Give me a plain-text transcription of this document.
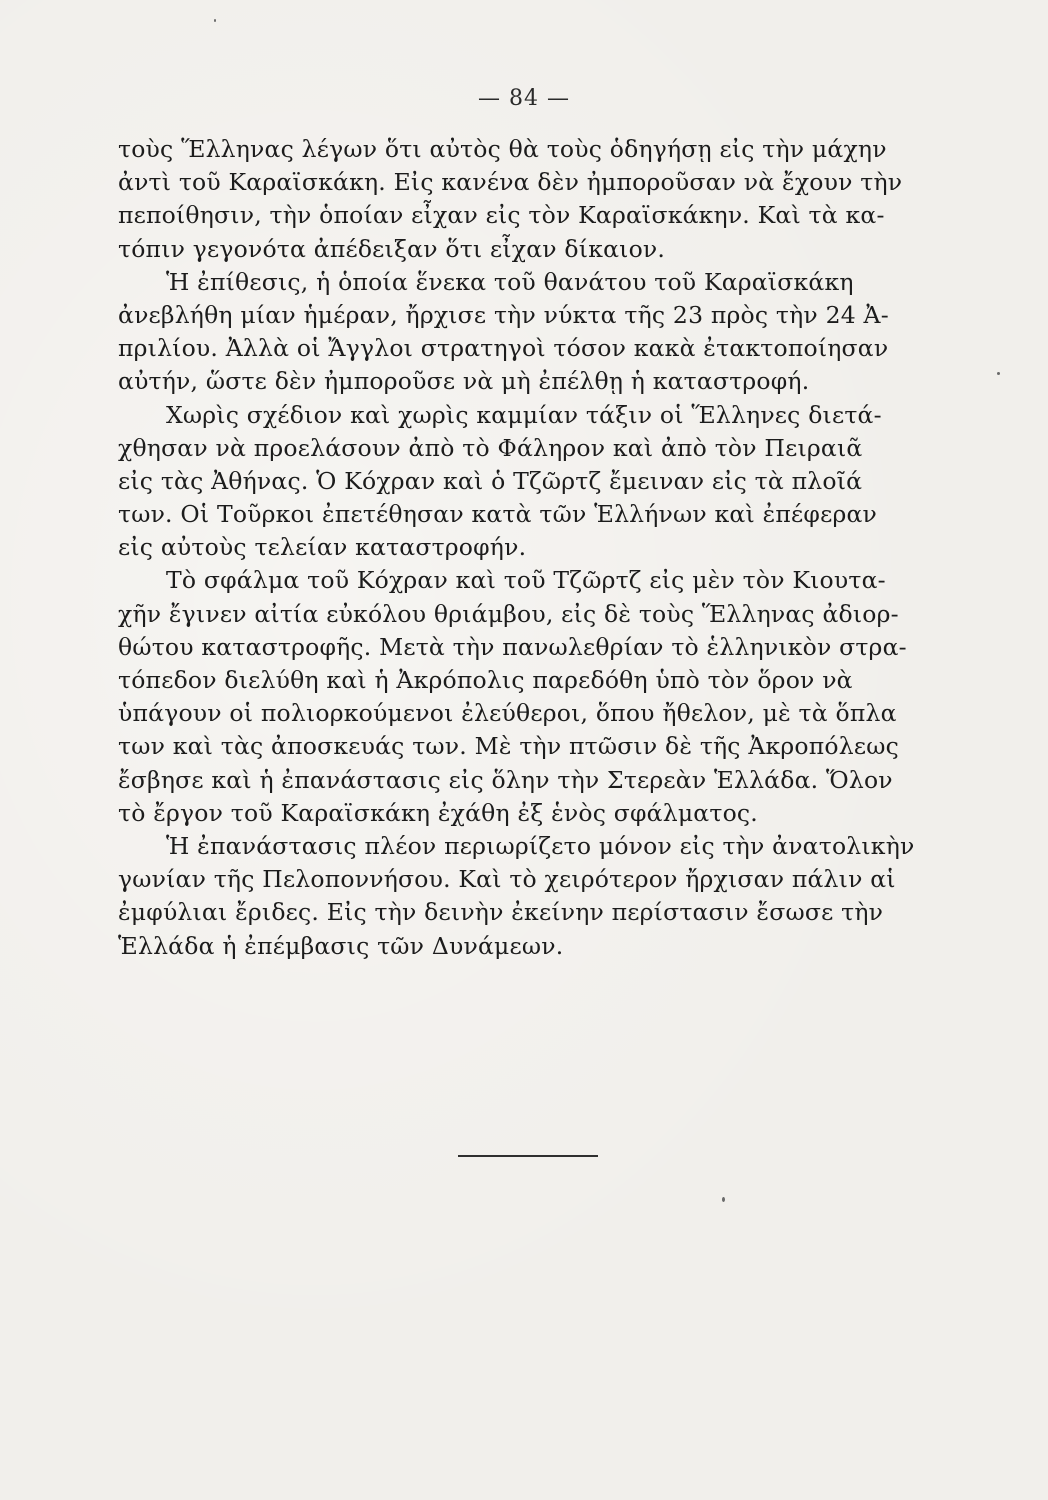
— 84 —
τοὺς Ἕλληνας λέγων ὅτι αὐτὸς θὰ τοὺς ὁδηγήσῃ εἰς τὴν μάχην
ἀντὶ τοῦ Καραϊσκάκη. Εἰς κανένα δὲν ἠμποροῦσαν νὰ ἔχουν τὴν
πεποίθησιν, τὴν ὁποίαν εἶχαν εἰς τὸν Καραϊσκάκην. Καὶ τὰ κα-
τόπιν γεγονότα ἀπέδειξαν ὅτι εἶχαν δίκαιον.
Ἡ ἐπίθεσις, ἡ ὁποία ἕνεκα τοῦ θανάτου τοῦ Καραϊσκάκη
ἀνεβλήθη μίαν ἡμέραν, ἤρχισε τὴν νύκτα τῆς 23 πρὸς τὴν 24 Ἀ-
πριλίου. Ἀλλὰ οἱ Ἄγγλοι στρατηγοὶ τόσον κακὰ ἐτακτοποίησαν
αὐτήν, ὥστε δὲν ἠμποροῦσε νὰ μὴ ἐπέλθῃ ἡ καταστροφή.
Χωρὶς σχέδιον καὶ χωρὶς καμμίαν τάξιν οἱ Ἕλληνες διετά-
χθησαν νὰ προελάσουν ἀπὸ τὸ Φάληρον καὶ ἀπὸ τὸν Πειραιᾶ
εἰς τὰς Ἀθήνας. Ὁ Κόχραν καὶ ὁ Τζῶρτζ ἔμειναν εἰς τὰ πλοῖά
των. Οἱ Τοῦρκοι ἐπετέθησαν κατὰ τῶν Ἑλλήνων καὶ ἐπέφεραν
εἰς αὐτοὺς τελείαν καταστροφήν.
Τὸ σφάλμα τοῦ Κόχραν καὶ τοῦ Τζῶρτζ εἰς μὲν τὸν Κιουτα-
χῆν ἔγινεν αἰτία εὐκόλου θριάμβου, εἰς δὲ τοὺς Ἕλληνας ἀδιορ-
θώτου καταστροφῆς. Μετὰ τὴν πανωλεθρίαν τὸ ἑλληνικὸν στρα-
τόπεδον διελύθη καὶ ἡ Ἀκρόπολις παρεδόθη ὑπὸ τὸν ὅρον νὰ
ὑπάγουν οἱ πολιορκούμενοι ἐλεύθεροι, ὅπου ἤθελον, μὲ τὰ ὅπλα
των καὶ τὰς ἀποσκευάς των. Μὲ τὴν πτῶσιν δὲ τῆς Ἀκροπόλεως
ἔσβησε καὶ ἡ ἐπανάστασις εἰς ὅλην τὴν Στερεὰν Ἑλλάδα. Ὅλον
τὸ ἔργον τοῦ Καραϊσκάκη ἐχάθη ἐξ ἑνὸς σφάλματος.
Ἡ ἐπανάστασις πλέον περιωρίζετο μόνον εἰς τὴν ἀνατολικὴν
γωνίαν τῆς Πελοποννήσου. Καὶ τὸ χειρότερον ἤρχισαν πάλιν αἱ
ἐμφύλιαι ἔριδες. Εἰς τὴν δεινὴν ἐκείνην περίστασιν ἔσωσε τὴν
Ἑλλάδα ἡ ἐπέμβασις τῶν Δυνάμεων.
